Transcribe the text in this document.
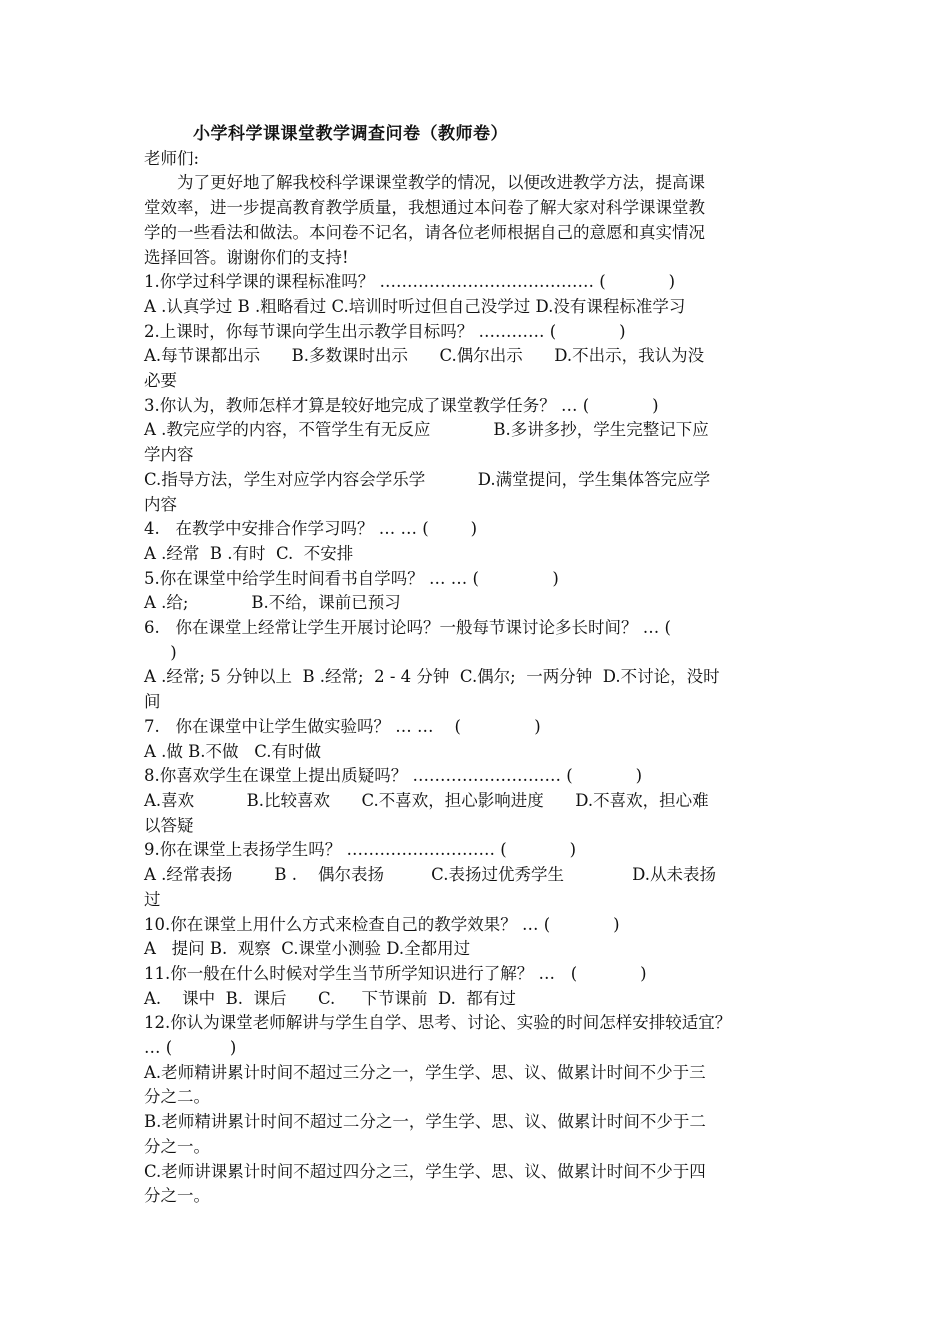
小学科学课课堂教学调查问卷（教师卷）
老师们:
为了更好地了解我校科学课课堂教学的情况，以便改进教学方法，提高课
堂效率，进一步提高教育教学质量，我想通过本问卷了解大家对科学课课堂教
学的一些看法和做法。本问卷不记名，请各位老师根据自己的意愿和真实情况
选择回答。谢谢你们的支持!
1.你学过科学课的课程标准吗？ ………………………………… (            )
A .认真学过 B .粗略看过 C.培训时听过但自己没学过 D.没有课程标准学习
2.上课时，你每节课向学生出示教学目标吗？ ………… (            )
A.每节课都出示      B.多数课时出示      C.偶尔出示      D.不出示，我认为没
必要
3.你认为，教师怎样才算是较好地完成了课堂教学任务？ … (            )
A .教完应学的内容，不管学生有无反应            B.多讲多抄，学生完整记下应
学内容
C.指导方法，学生对应学内容会学乐学          D.满堂提问，学生集体答完应学
内容
4.   在教学中安排合作学习吗？ … … (        )
A .经常  B .有时  C.  不安排
5.你在课堂中给学生时间看书自学吗？ … … (              )
A .给;            B.不给，课前已预习
6.   你在课堂上经常让学生开展讨论吗？一般每节课讨论多长时间？ … (
)
A .经常; 5 分钟以上  B .经常;  2 - 4 分钟  C.偶尔;  一两分钟  D.不讨论，没时
间
7.   你在课堂中让学生做实验吗？ … …    (              )
A .做 B.不做   C.有时做
8.你喜欢学生在课堂上提出质疑吗？ ……………………… (            )
A.喜欢          B.比较喜欢      C.不喜欢，担心影响进度      D.不喜欢，担心难
以答疑
9.你在课堂上表扬学生吗？ ……………………… (            )
A .经常表扬        B .    偶尔表扬         C.表扬过优秀学生             D.从未表扬
过
10.你在课堂上用什么方式来检查自己的教学效果？ … (            )
A   提问 B.  观察  C.课堂小测验 D.全都用过
11.你一般在什么时候对学生当节所学知识进行了解？ …   (            )
A.    课中  B.  课后      C.     下节课前  D.  都有过
12.你认为课堂老师解讲与学生自学、思考、讨论、实验的时间怎样安排较适宜？
… (           )
A.老师精讲累计时间不超过三分之一，学生学、思、议、做累计时间不少于三
分之二。
B.老师精讲累计时间不超过二分之一，学生学、思、议、做累计时间不少于二
分之一。
C.老师讲课累计时间不超过四分之三，学生学、思、议、做累计时间不少于四
分之一。
